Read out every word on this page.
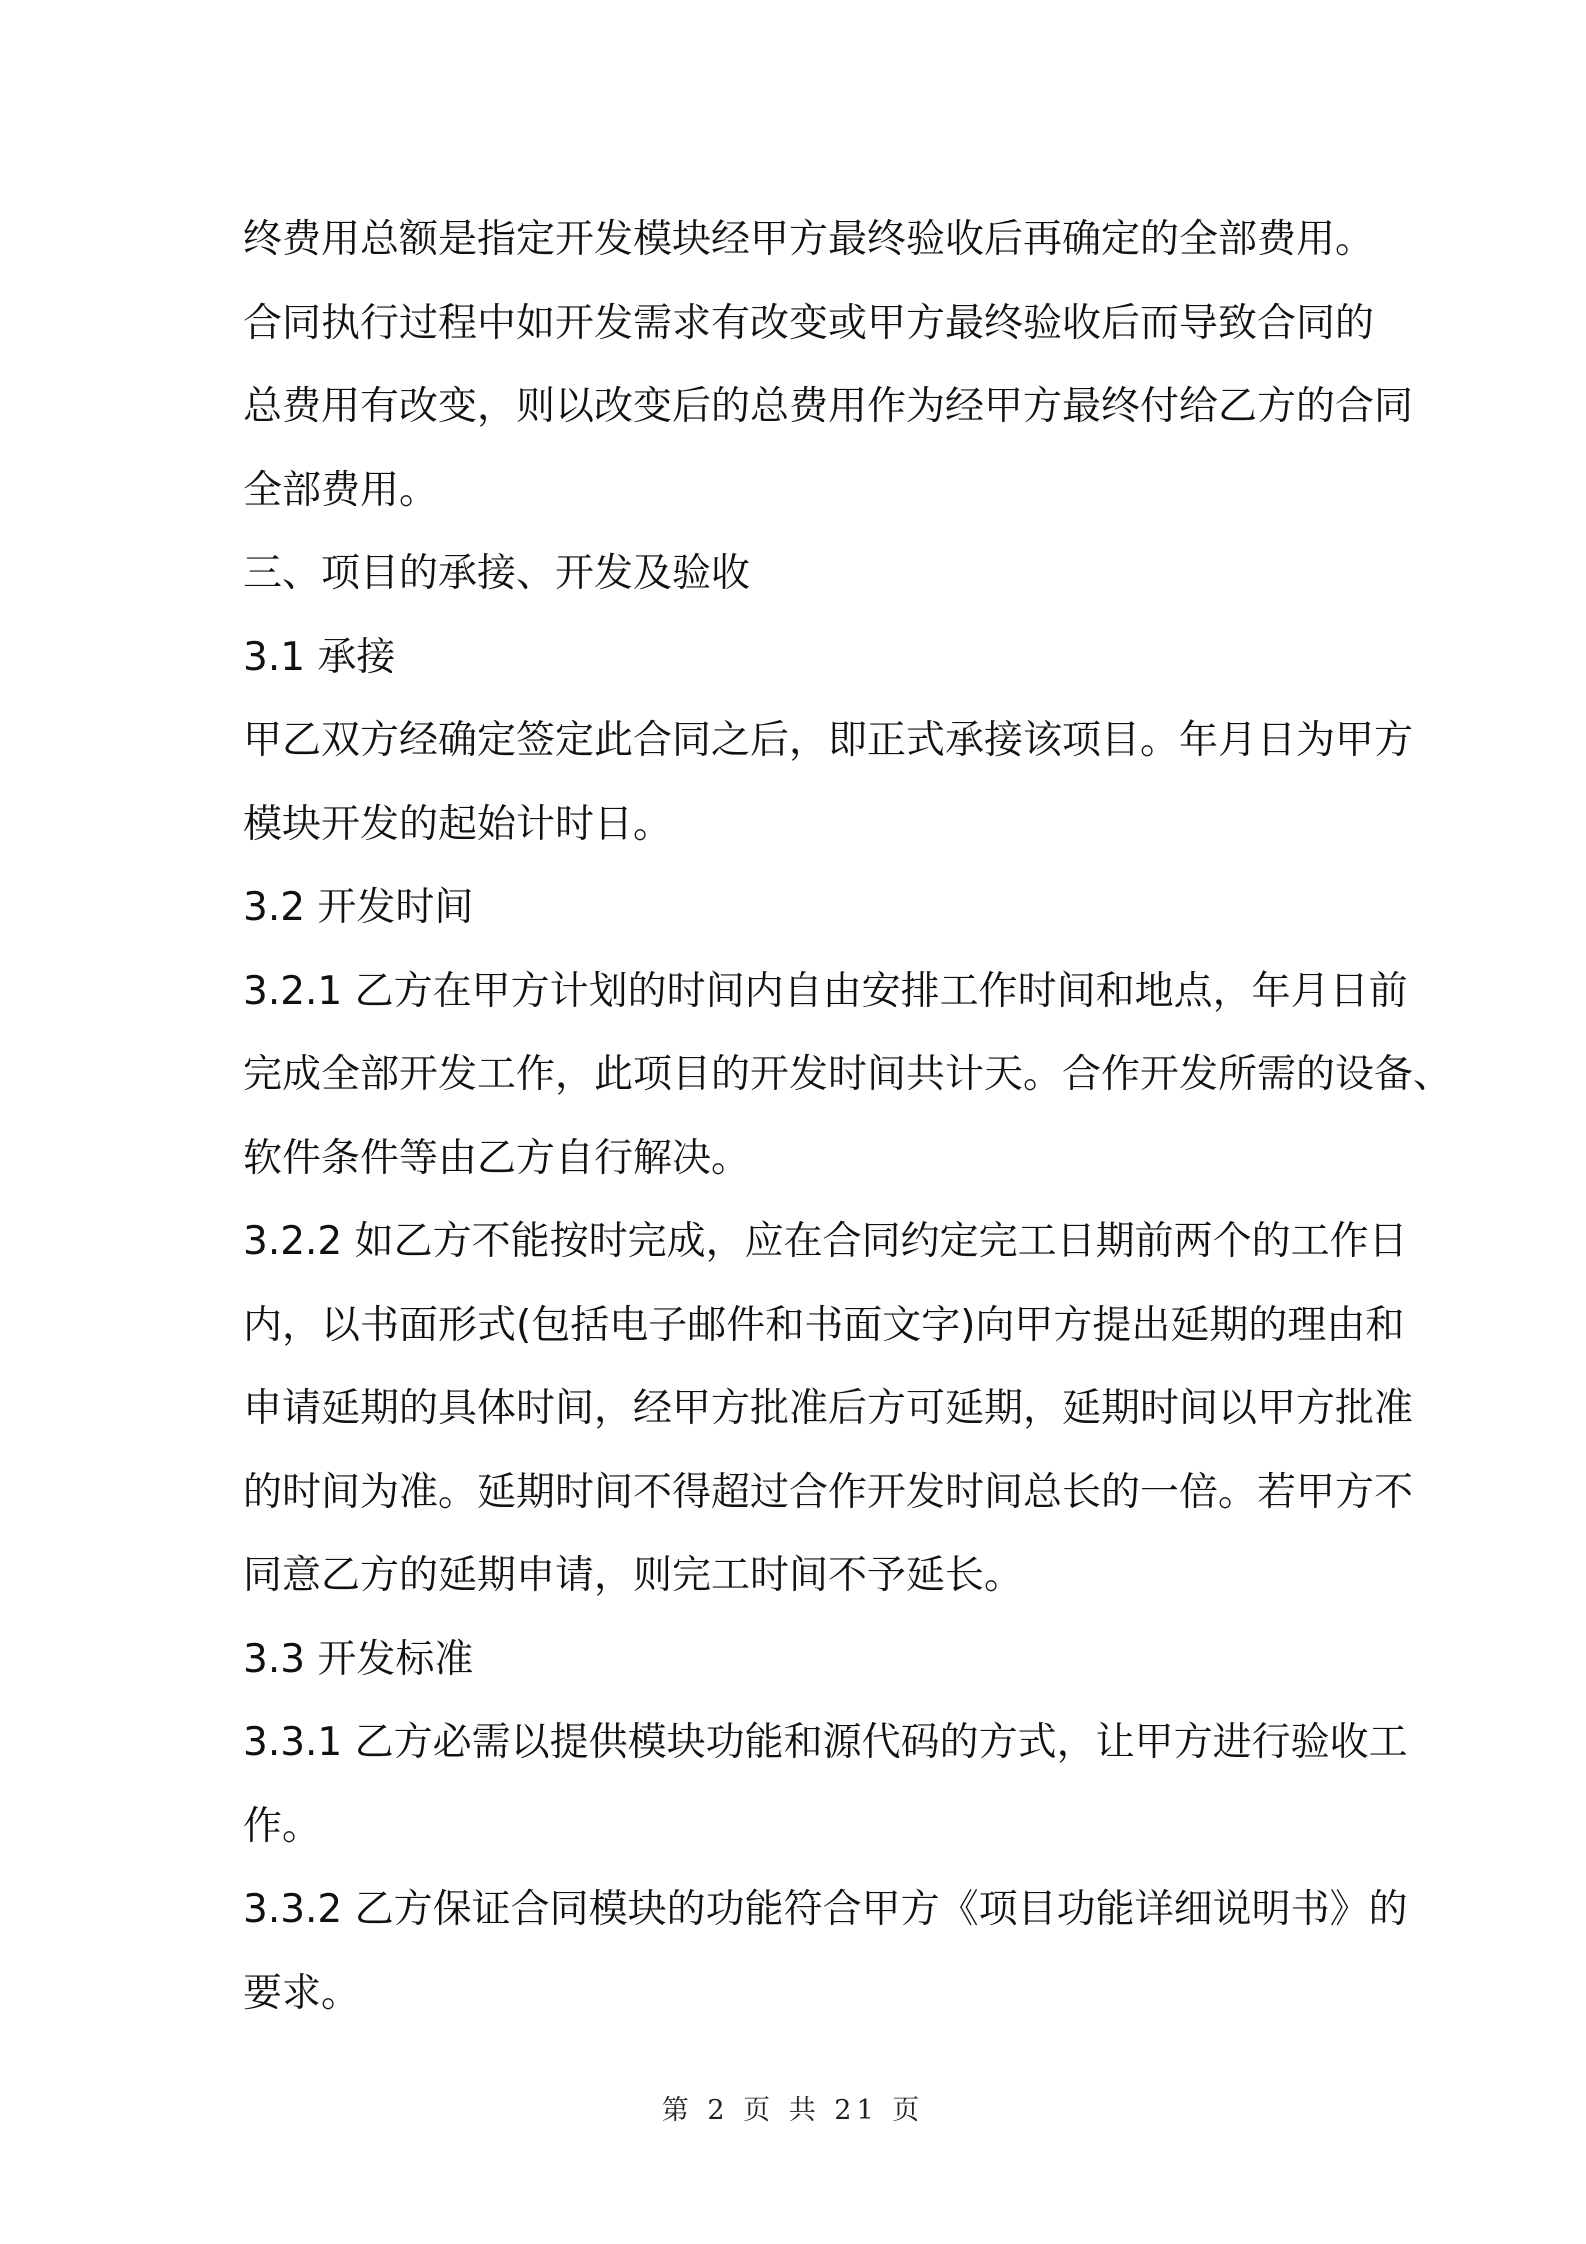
终费用总额是指定开发模块经甲方最终验收后再确定的全部费用。
合同执行过程中如开发需求有改变或甲方最终验收后而导致合同的
总费用有改变，则以改变后的总费用作为经甲方最终付给乙方的合同
全部费用。
三、项目的承接、开发及验收
3.1 承接
甲乙双方经确定签定此合同之后，即正式承接该项目。年月日为甲方
模块开发的起始计时日。
3.2 开发时间
3.2.1 乙方在甲方计划的时间内自由安排工作时间和地点，年月日前
完成全部开发工作，此项目的开发时间共计天。合作开发所需的设备、
软件条件等由乙方自行解决。
3.2.2 如乙方不能按时完成，应在合同约定完工日期前两个的工作日
内，以书面形式(包括电子邮件和书面文字)向甲方提出延期的理由和
申请延期的具体时间，经甲方批准后方可延期，延期时间以甲方批准
的时间为准。延期时间不得超过合作开发时间总长的一倍。若甲方不
同意乙方的延期申请，则完工时间不予延长。
3.3 开发标准
3.3.1 乙方必需以提供模块功能和源代码的方式，让甲方进行验收工
作。
3.3.2 乙方保证合同模块的功能符合甲方《项目功能详细说明书》的
要求。
第 2 页 共 21 页
